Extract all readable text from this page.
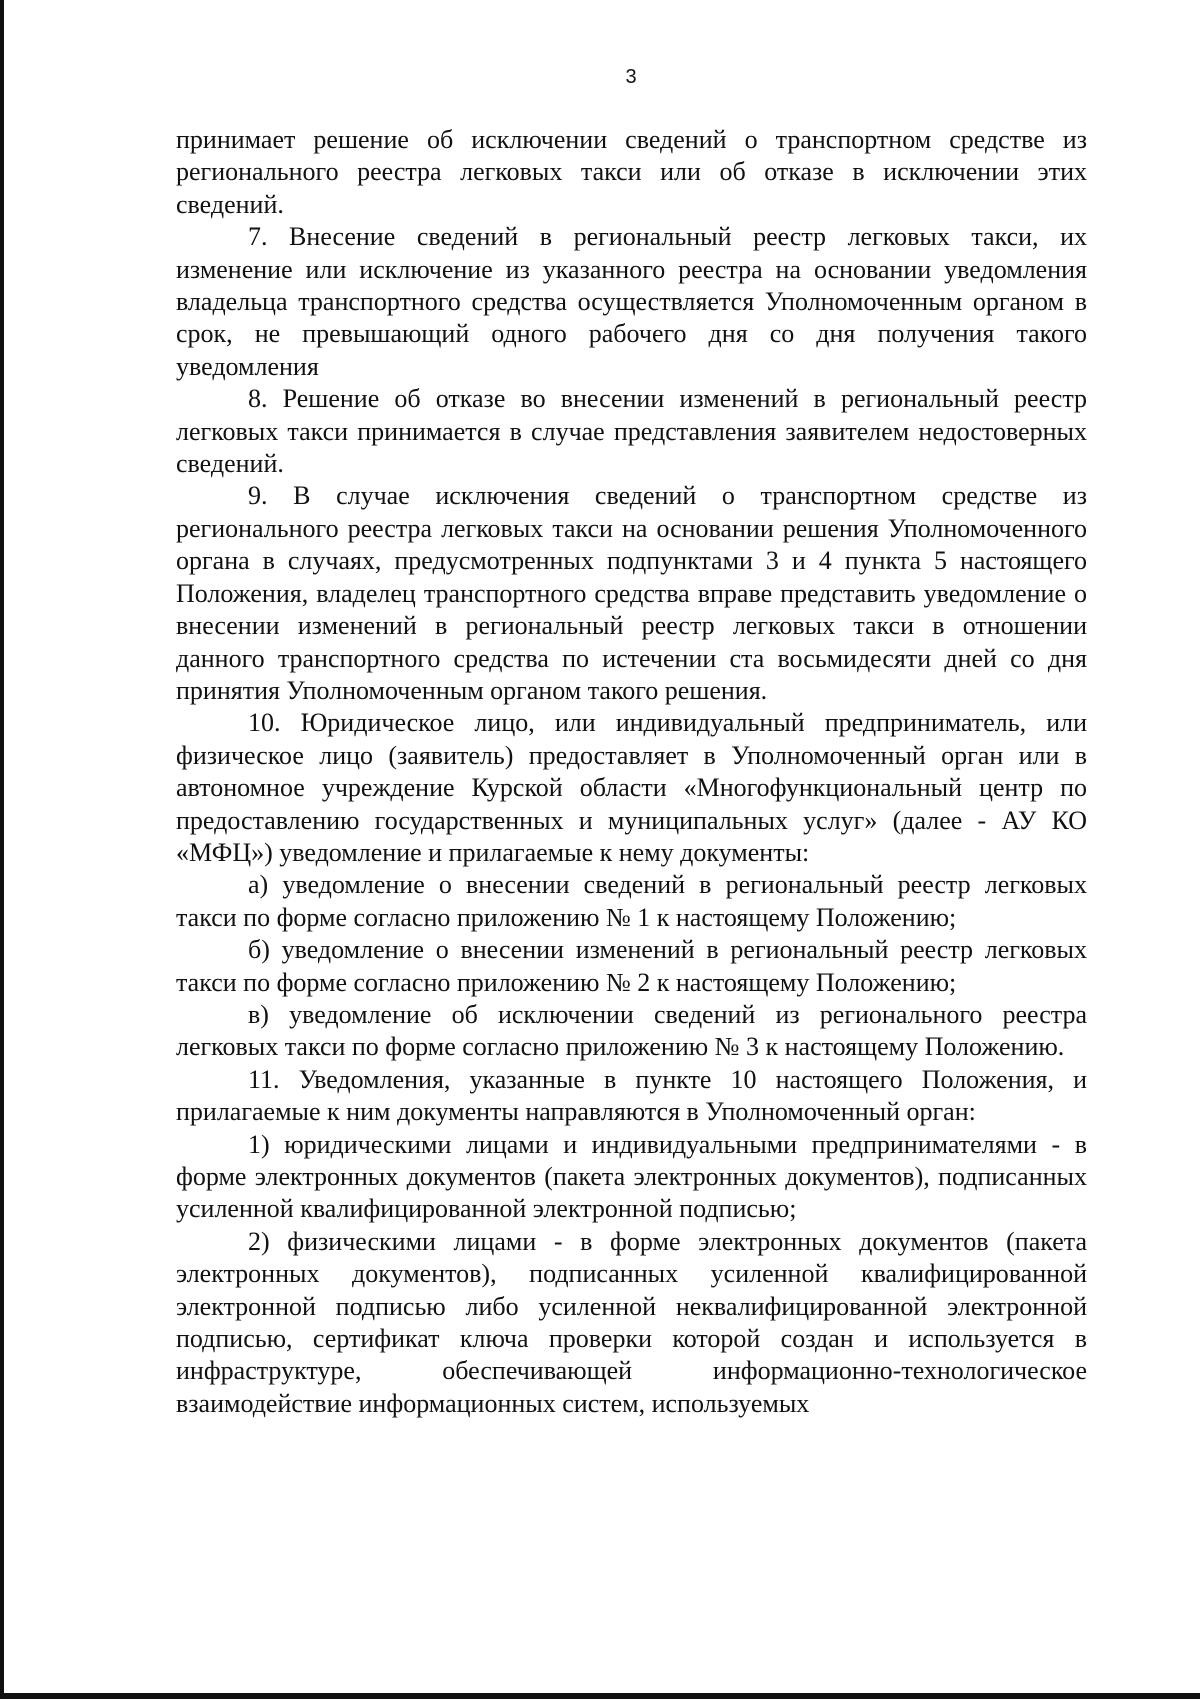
3

принимает решение об исключении сведений о транспортном средстве из регионального реестра легковых такси или об отказе в исключении этих сведений.

7. Внесение сведений в региональный реестр легковых такси, их изменение или исключение из указанного реестра на основании уведомления владельца транспортного средства осуществляется Уполномоченным органом в срок, не превышающий одного рабочего дня со дня получения такого уведомления

8. Решение об отказе во внесении изменений в региональный реестр легковых такси принимается в случае представления заявителем недостоверных сведений.

9. В случае исключения сведений о транспортном средстве из регионального реестра легковых такси на основании решения Уполномоченного органа в случаях, предусмотренных подпунктами 3 и 4 пункта 5 настоящего Положения, владелец транспортного средства вправе представить уведомление о внесении изменений в региональный реестр легковых такси в отношении данного транспортного средства по истечении ста восьмидесяти дней со дня принятия Уполномоченным органом такого решения.

10. Юридическое лицо, или индивидуальный предприниматель, или физическое лицо (заявитель) предоставляет в Уполномоченный орган или в автономное учреждение Курской области «Многофункциональный центр по предоставлению государственных и муниципальных услуг» (далее - АУ КО «МФЦ») уведомление и прилагаемые к нему документы:

а) уведомление о внесении сведений в региональный реестр легковых такси по форме согласно приложению № 1 к настоящему Положению;

б) уведомление о внесении изменений в региональный реестр легковых такси по форме согласно приложению № 2 к настоящему Положению;

в) уведомление об исключении сведений из регионального реестра легковых такси по форме согласно приложению № 3 к настоящему Положению.

11. Уведомления, указанные в пункте 10 настоящего Положения, и прилагаемые к ним документы направляются в Уполномоченный орган:

1) юридическими лицами и индивидуальными предпринимателями - в форме электронных документов (пакета электронных документов), подписанных усиленной квалифицированной электронной подписью;

2) физическими лицами - в форме электронных документов (пакета электронных документов), подписанных усиленной квалифицированной электронной подписью либо усиленной неквалифицированной электронной подписью, сертификат ключа проверки которой создан и используется в инфраструктуре, обеспечивающей информационно-технологическое взаимодействие информационных систем, используемых
